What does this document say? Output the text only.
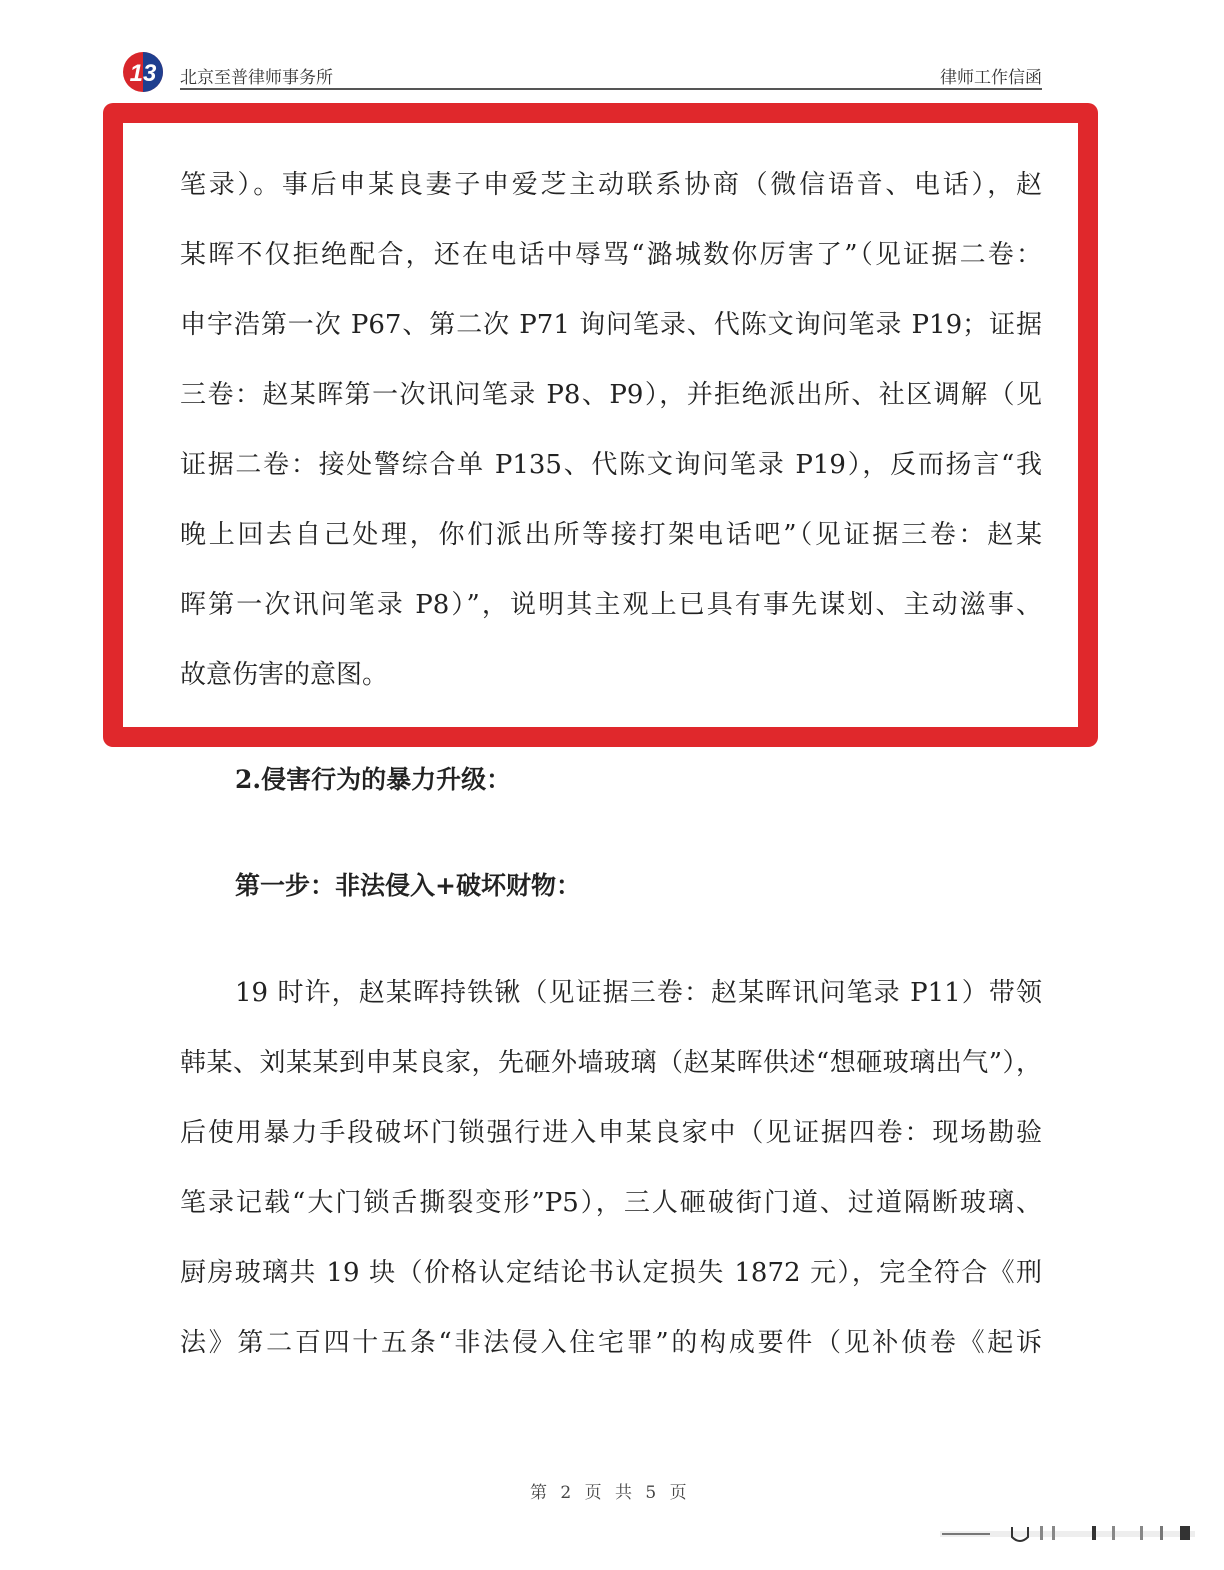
13 北京至普律师事务所	律师工作信函
笔录）。事后申某良妻子申爱芝主动联系协商（微信语音、电话），赵
某晖不仅拒绝配合，还在电话中辱骂“潞城数你厉害了”（见证据二卷：
申宇浩第一次 P67、第二次 P71 询问笔录、代陈文询问笔录 P19；证据
三卷：赵某晖第一次讯问笔录 P8、P9），并拒绝派出所、社区调解（见
证据二卷：接处警综合单 P135、代陈文询问笔录 P19），反而扬言“我
晚上回去自己处理，你们派出所等接打架电话吧”（见证据三卷：赵某
晖第一次讯问笔录 P8）”，说明其主观上已具有事先谋划、主动滋事、
故意伤害的意图。
2.侵害行为的暴力升级：
第一步：非法侵入+破坏财物：
19 时许，赵某晖持铁锹（见证据三卷：赵某晖讯问笔录 P11）带领
韩某、刘某某到申某良家，先砸外墙玻璃（赵某晖供述“想砸玻璃出气”），
后使用暴力手段破坏门锁强行进入申某良家中（见证据四卷：现场勘验
笔录记载“大门锁舌撕裂变形”P5），三人砸破街门道、过道隔断玻璃、
厨房玻璃共 19 块（价格认定结论书认定损失 1872 元），完全符合《刑
法》第二百四十五条“非法侵入住宅罪”的构成要件（见补侦卷《起诉
第 2 页 共 5 页
